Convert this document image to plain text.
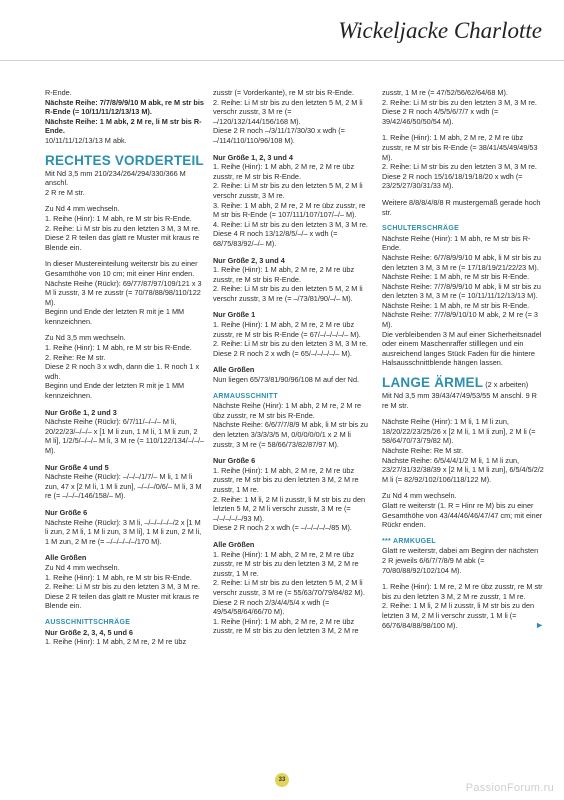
Wickeljacke Charlotte

R-Ende.
Nächste Reihe: 7/7/8/9/9/10 M abk, re M str bis R-Ende (= 10/11/11/12/13/13 M).
Nächste Reihe: 1 M abk, 2 M re, li M str bis R-Ende.
10/11/11/12/13/13 M abk.

RECHTES VORDERTEIL

Mit Nd 3,5 mm 210/234/264/294/330/366 M anschl.
2 R re M str.

Zu Nd 4 mm wechseln.
1. Reihe (Hinr): 1 M abh, re M str bis R-Ende.
2. Reihe: Li M str bis zu den letzten 3 M, 3 M re. Diese 2 R teilen das glatt re Muster mit kraus re Blende ein.

In dieser Mustereinteilung weiterstr bis zu einer Gesamthöhe von 10 cm; mit einer Hinr enden.
Nächste Reihe (Rückr): 69/77/87/97/109/121 x 3 M li zusstr, 3 M re zusstr (= 70/78/88/98/110/122 M).
Beginn und Ende der letzten R mit je 1 MM kennzeichnen.

Zu Nd 3,5 mm wechseln.
1. Reihe (Hinr): 1 M abh, re M str bis R-Ende.
2. Reihe: Re M str.
Diese 2 R noch 3 x wdh, dann die 1. R noch 1 x wdh.
Beginn und Ende der letzten R mit je 1 MM kennzeichnen.

Nur Größe 1, 2 und 3
Nächste Reihe (Rückr): 6/7/11/–/–/– M li, 20/22/23/–/–/– x [1 M li zun, 1 M li, 1 M li zun, 2 M li], 1/2/5/–/–/– M li, 3 M re (= 110/122/134/–/–/– M).

Nur Größe 4 und 5
Nächste Reihe (Rückr): –/–/–/1/7/– M li, 1 M li zun, 47 x [2 M li, 1 M li zun], –/–/–/0/6/– M li, 3 M re (= –/–/–/146/158/– M).

Nur Größe 6
Nächste Reihe (Rückr): 3 M li, –/–/–/–/–/2 x [1 M li zun, 2 M li, 1 M li zun, 3 M li], 1 M li zun, 2 M li, 1 M zun, 2 M re (= –/–/–/–/–/170 M).

Alle Größen
Zu Nd 4 mm wechseln.
1. Reihe (Hinr): 1 M abh, re M str bis R-Ende.
2. Reihe: Li M str bis zu den letzten 3 M, 3 M re. Diese 2 R teilen das glatt re Muster mit kraus re Blende ein.

AUSSCHNITTSCHRÄGE

Nur Größe 2, 3, 4, 5 und 6
1. Reihe (Hinr): 1 M abh, 2 M re, 2 M re übz

zusstr (= Vorderkante), re M str bis R-Ende.
2. Reihe: Li M str bis zu den letzten 5 M, 2 M li verschr zusstr, 3 M re (= –/120/132/144/156/168 M).
Diese 2 R noch –/3/11/17/30/30 x wdh (= –/114/110/110/96/108 M).

Nur Größe 1, 2, 3 und 4
1. Reihe (Hinr): 1 M abh, 2 M re, 2 M re übz zusstr, re M str bis R-Ende.
2. Reihe: Li M str bis zu den letzten 5 M, 2 M li verschr zusstr, 3 M re.
3. Reihe: 1 M abh, 2 M re, 2 M re übz zusstr, re M str bis R-Ende (= 107/111/107/107/–/– M).
4. Reihe: Li M str bis zu den letzten 3 M, 3 M re. Diese 4 R noch 13/12/8/5/–/– x wdh (= 68/75/83/92/–/– M).

Nur Größe 2, 3 und 4
1. Reihe (Hinr): 1 M abh, 2 M re, 2 M re übz zusstr, re M str bis R-Ende.
2. Reihe: Li M str bis zu den letzten 5 M, 2 M li verschr zusstr, 3 M re (= –/73/81/90/–/– M).

Nur Größe 1
1. Reihe (Hinr): 1 M abh, 2 M re, 2 M re übz zusstr, re M str bis R-Ende (= 67/–/–/–/–/– M).
2. Reihe: Li M str bis zu den letzten 3 M, 3 M re. Diese 2 R noch 2 x wdh (= 65/–/–/–/–/– M).

Alle Größen
Nun liegen 65/73/81/90/96/108 M auf der Nd.

ARMAUSSCHNITT

Nächste Reihe (Hinr): 1 M abh, 2 M re, 2 M re übz zusstr, re M str bis R-Ende.
Nächste Reihe: 6/6/7/7/8/9 M abk, li M str bis zu den letzten 3/3/3/3/5 M, 0/0/0/0/0/1 x 2 M li zusstr, 3 M re (= 58/66/73/82/87/97 M).

Nur Größe 6
1. Reihe (Hinr): 1 M abh, 2 M re, 2 M re übz zusstr, re M str bis zu den letzten 3 M, 2 M re zusstr, 1 M re.
2. Reihe: 1 M li, 2 M li zusstr, li M str bis zu den letzten 5 M, 2 M li verschr zusstr, 3 M re (= –/–/–/–/–/93 M).
Diese 2 R noch 2 x wdh (= –/–/–/–/–/85 M).

Alle Größen
1. Reihe (Hinr): 1 M abh, 2 M re, 2 M re übz zusstr, re M str bis zu den letzten 3 M, 2 M re zusstr, 1 M re.
2. Reihe: Li M str bis zu den letzten 5 M, 2 M li verschr zusstr, 3 M re (= 55/63/70/79/84/82 M).
Diese 2 R noch 2/3/4/4/5/4 x wdh (= 49/54/58/64/66/70 M).
1. Reihe (Hinr): 1 M abh, 2 M re, 2 M re übz zusstr, re M str bis zu den letzten 3 M, 2 M re

zusstr, 1 M re (= 47/52/56/62/64/68 M).
2. Reihe: Li M str bis zu den letzten 3 M, 3 M re. Diese 2 R noch 4/5/5/6/7/7 x wdh (= 39/42/46/50/50/54 M).

1. Reihe (Hinr): 1 M abh, 2 M re, 2 M re übz zusstr, re M str bis R-Ende (= 38/41/45/49/49/53 M).
2. Reihe: Li M str bis zu den letzten 3 M, 3 M re. Diese 2 R noch 15/16/18/19/18/20 x wdh (= 23/25/27/30/31/33 M).

Weitere 8/8/8/4/8/8 R mustergemäß gerade hoch str.

SCHULTERSCHRÄGE

Nächste Reihe (Hinr): 1 M abh, re M str bis R-Ende.
Nächste Reihe: 6/7/8/9/9/10 M abk, li M str bis zu den letzten 3 M, 3 M re (= 17/18/19/21/22/23 M).
Nächste Reihe: 1 M abh, re M str bis R-Ende.
Nächste Reihe: 7/7/8/9/9/10 M abk, li M str bis zu den letzten 3 M, 3 M re (= 10/11/11/12/13/13 M).
Nächste Reihe: 1 M abh, re M str bis R-Ende.
Nächste Reihe: 7/7/8/9/10/10 M abk, 2 M re (= 3 M).
Die verbleibenden 3 M auf einer Sicherheitsnadel oder einem Maschenraffer stilllegen und ein ausreichend langes Stück Faden für die hintere Halsausschnittblende hängen lassen.

LANGE ÄRMEL (2 x arbeiten)

Mit Nd 3,5 mm 39/43/47/49/53/55 M anschl. 9 R re M str.

Nächste Reihe (Hinr): 1 M li, 1 M li zun, 18/20/22/23/25/26 x [2 M li, 1 M li zun], 2 M li (= 58/64/70/73/79/82 M).
Nächste Reihe: Re M str.
Nächste Reihe: 6/5/4/4/1/2 M li, 1 M li zun, 23/27/31/32/38/39 x [2 M li, 1 M li zun], 6/5/4/5/2/2 M li (= 82/92/102/106/118/122 M).

Zu Nd 4 mm wechseln.
Glatt re weiterstr (1. R = Hinr re M) bis zu einer Gesamthöhe von 43/44/46/46/47/47 cm; mit einer Rückr enden.

*** ARMKUGEL

Glatt re weiterstr, dabei am Beginn der nächsten 2 R jeweils 6/6/7/7/8/9 M abk (= 70/80/88/92/102/104 M).

1. Reihe (Hinr): 1 M re, 2 M re übz zusstr, re M str bis zu den letzten 3 M, 2 M re zusstr, 1 M re.
2. Reihe: 1 M li, 2 M li zusstr, li M str bis zu den letzten 3 M, 2 M li verschr zusstr, 1 M li (= 66/76/84/88/98/100 M).	►

33
PassionForum.ru
